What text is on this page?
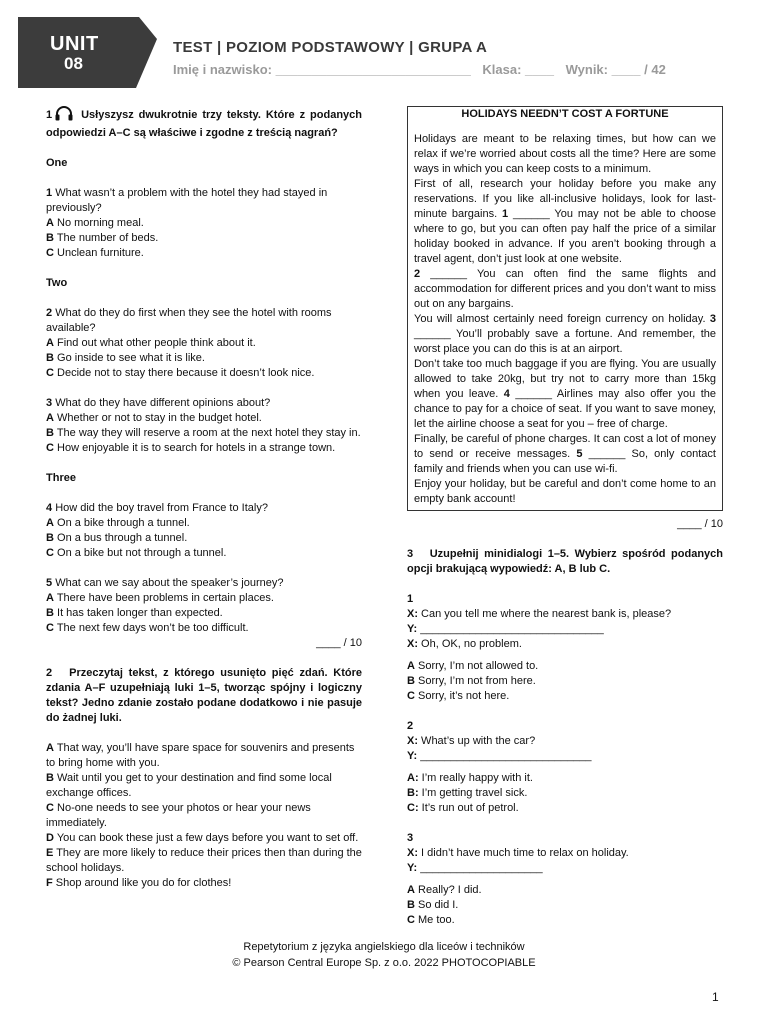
UNIT
08
TEST | POZIOM PODSTAWOWY | GRUPA A
Imię i nazwisko: ___________________________ Klasa: ____ Wynik: ____ / 42

1	Usłyszysz dwukrotnie trzy teksty. Które z podanych odpowiedzi A–C są właściwe i zgodne z treścią nagrań?

One

1 What wasn’t a problem with the hotel they had stayed in previously?

A No morning meal.

B The number of beds.

C Unclean furniture.

Two

2 What do they do first when they see the hotel with rooms available?

A Find out what other people think about it.

B Go inside to see what it is like.

C Decide not to stay there because it doesn’t look nice.

3 What do they have different opinions about?

A Whether or not to stay in the budget hotel.

B The way they will reserve a room at the next hotel they stay in.

C How enjoyable it is to search for hotels in a strange town.

Three

4 How did the boy travel from France to Italy?

A On a bike through a tunnel.

B On a bus through a tunnel.

C On a bike but not through a tunnel.

5 What can we say about the speaker’s journey?

A There have been problems in certain places.

B It has taken longer than expected.

C The next few days won’t be too difficult.

____ / 10

2 Przeczytaj tekst, z którego usunięto pięć zdań. Które zdania A–F uzupełniają luki 1–5, tworząc spójny i logiczny tekst? Jedno zdanie zostało podane dodatkowo i nie pasuje do żadnej luki.

A That way, you’ll have spare space for souvenirs and presents to bring home with you.

B Wait until you get to your destination and find some local exchange offices.

C No-one needs to see your photos or hear your news immediately.

D You can book these just a few days before you want to set off.

E They are more likely to reduce their prices then than during the school holidays.

F Shop around like you do for clothes!

HOLIDAYS NEEDN’T COST A FORTUNE

Holidays are meant to be relaxing times, but how can we relax if we’re worried about costs all the time? Here are some ways in which you can keep costs to a minimum.

First of all, research your holiday before you make any reservations. If you like all-inclusive holidays, look for last-minute bargains. 1 ______ You may not be able to choose where to go, but you can often pay half the price of a similar holiday booked in advance. If you aren’t booking through a travel agent, don’t just look at one website.

2 ______ You can often find the same flights and accommodation for different prices and you don’t want to miss out on any bargains.

You will almost certainly need foreign currency on holiday. 3 ______ You’ll probably save a fortune. And remember, the worst place you can do this is at an airport.

Don’t take too much baggage if you are flying. You are usually allowed to take 20kg, but try not to carry more than 15kg when you leave. 4 ______ Airlines may also offer you the chance to pay for a choice of seat. If you want to save money, let the airline choose a seat for you – free of charge.

Finally, be careful of phone charges. It can cost a lot of money to send or receive messages. 5 ______ So, only contact family and friends when you can use wi-fi.

Enjoy your holiday, but be careful and don’t come home to an empty bank account!

____ / 10

3 Uzupełnij minidialogi 1–5. Wybierz spośród podanych opcji brakującą wypowiedź: A, B lub C.

1

X: Can you tell me where the nearest bank is, please?

Y: ______________________________

X: Oh, OK, no problem.

A Sorry, I’m not allowed to.

B Sorry, I’m not from here.

C Sorry, it’s not here.

2

X: What’s up with the car?

Y: ____________________________

A: I’m really happy with it.

B: I’m getting travel sick.

C: It’s run out of petrol.

3

X: I didn’t have much time to relax on holiday.

Y: ____________________

A Really? I did.

B So did I.

C Me too.

Repetytorium z języka angielskiego dla liceów i techników
© Pearson Central Europe Sp. z o.o. 2022 PHOTOCOPIABLE
1
